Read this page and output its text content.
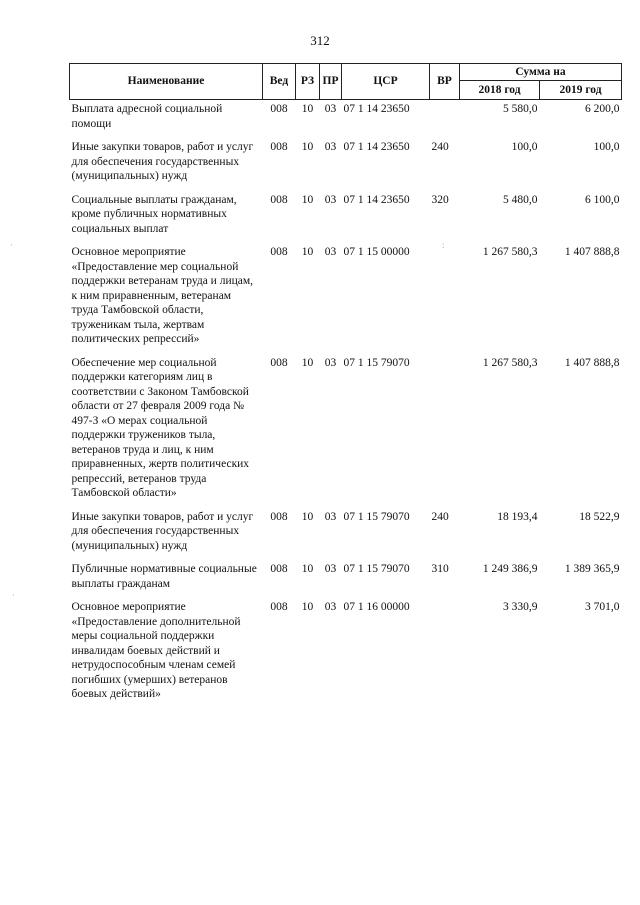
312
Наименование	Вед	РЗ	ПР	ЦСР	ВР	Сумма на	
						2018 год	2019 год
Выплата адресной социальной помощи	008	10	03	07 1 14 23650		5 580,0	6 200,0
Иные закупки товаров, работ и услуг для обеспечения государственных (муниципальных) нужд	008	10	03	07 1 14 23650	240	100,0	100,0
Социальные выплаты гражданам, кроме публичных нормативных социальных выплат	008	10	03	07 1 14 23650	320	5 480,0	6 100,0
Основное мероприятие «Предоставление мер социальной поддержки ветеранам труда и лицам, к ним приравненным, ветеранам труда Тамбовской области, труженикам тыла, жертвам политических репрессий»	008	10	03	07 1 15 00000		1 267 580,3	1 407 888,8
Обеспечение мер социальной поддержки категориям лиц в соответствии с Законом Тамбовской области от 27 февраля 2009 года № 497-З «О мерах социальной поддержки тружеников тыла, ветеранов труда и лиц, к ним приравненных, жертв политических репрессий, ветеранов труда Тамбовской области»	008	10	03	07 1 15 79070		1 267 580,3	1 407 888,8
Иные закупки товаров, работ и услуг для обеспечения государственных (муниципальных) нужд	008	10	03	07 1 15 79070	240	18 193,4	18 522,9
Публичные нормативные социальные выплаты гражданам	008	10	03	07 1 15 79070	310	1 249 386,9	1 389 365,9
Основное мероприятие «Предоставление дополнительной меры социальной поддержки инвалидам боевых действий и нетрудоспособным членам семей погибших (умерших) ветеранов боевых действий»	008	10	03	07 1 16 00000		3 330,9	3 701,0
·
·
:
